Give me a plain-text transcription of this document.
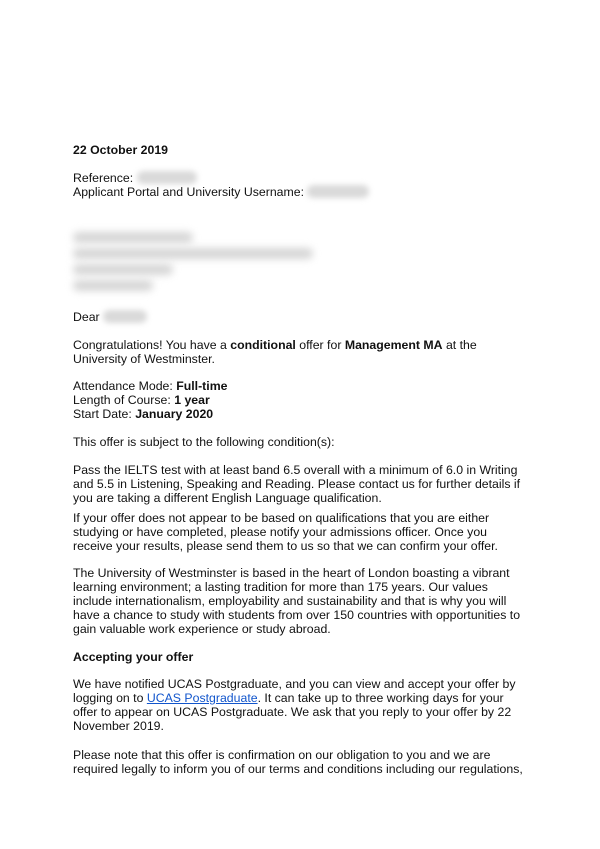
22 October 2019

Reference:

Applicant Portal and University Username:

Dear

Congratulations! You have a conditional offer for Management MA at the University of Westminster.

Attendance Mode: Full-time

Length of Course: 1 year

Start Date: January 2020

This offer is subject to the following condition(s):

Pass the IELTS test with at least band 6.5 overall with a minimum of 6.0 in Writing and 5.5 in Listening, Speaking and Reading. Please contact us for further details if you are taking a different English Language qualification.

If your offer does not appear to be based on qualifications that you are either studying or have completed, please notify your admissions officer. Once you receive your results, please send them to us so that we can confirm your offer.

The University of Westminster is based in the heart of London boasting a vibrant learning environment; a lasting tradition for more than 175 years. Our values include internationalism, employability and sustainability and that is why you will have a chance to study with students from over 150 countries with opportunities to gain valuable work experience or study abroad.

Accepting your offer

We have notified UCAS Postgraduate, and you can view and accept your offer by logging on to UCAS Postgraduate. It can take up to three working days for your offer to appear on UCAS Postgraduate. We ask that you reply to your offer by 22 November 2019.

Please note that this offer is confirmation on our obligation to you and we are required legally to inform you of our terms and conditions including our regulations,
